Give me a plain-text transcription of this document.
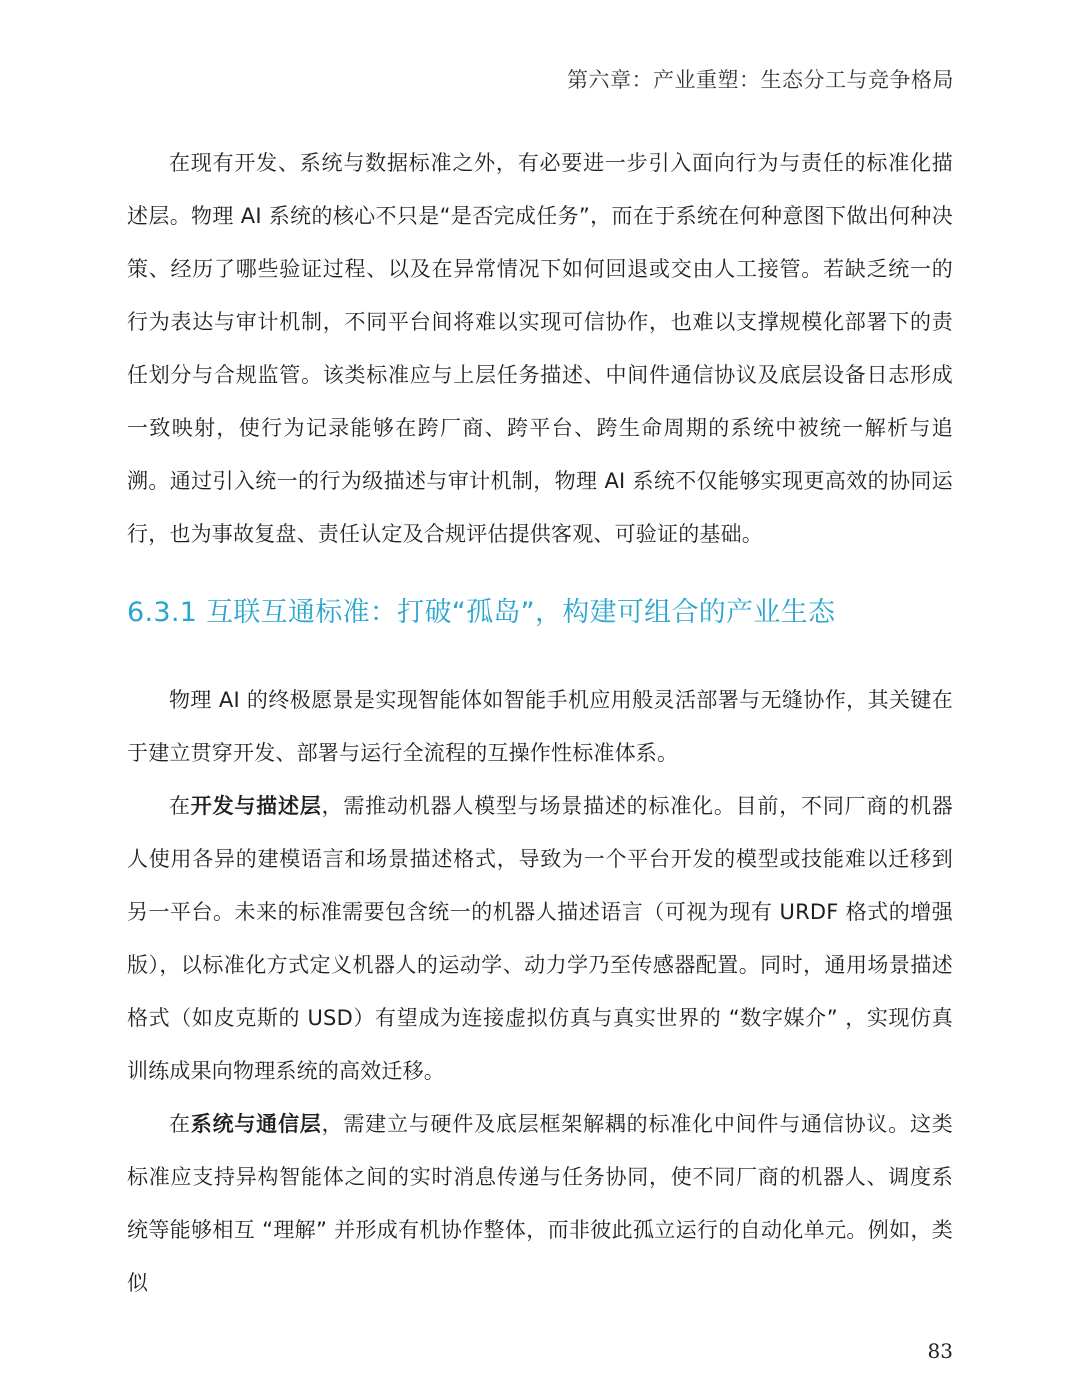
第六章：产业重塑：生态分工与竞争格局

在现有开发、系统与数据标准之外，有必要进一步引入面向行为与责任的标准化描述层。物理 AI 系统的核心不只是“是否完成任务”，而在于系统在何种意图下做出何种决策、经历了哪些验证过程、以及在异常情况下如何回退或交由人工接管。若缺乏统一的行为表达与审计机制，不同平台间将难以实现可信协作，也难以支撑规模化部署下的责任划分与合规监管。该类标准应与上层任务描述、中间件通信协议及底层设备日志形成一致映射，使行为记录能够在跨厂商、跨平台、跨生命周期的系统中被统一解析与追溯。通过引入统一的行为级描述与审计机制，物理 AI 系统不仅能够实现更高效的协同运行，也为事故复盘、责任认定及合规评估提供客观、可验证的基础。

6.3.1 互联互通标准：打破“孤岛”，构建可组合的产业生态

物理 AI 的终极愿景是实现智能体如智能手机应用般灵活部署与无缝协作，其关键在于建立贯穿开发、部署与运行全流程的互操作性标准体系。

在开发与描述层，需推动机器人模型与场景描述的标准化。目前，不同厂商的机器人使用各异的建模语言和场景描述格式，导致为一个平台开发的模型或技能难以迁移到另一平台。未来的标准需要包含统一的机器人描述语言（可视为现有 URDF 格式的增强版），以标准化方式定义机器人的运动学、动力学乃至传感器配置。同时，通用场景描述格式（如皮克斯的 USD）有望成为连接虚拟仿真与真实世界的 “数字媒介” ，实现仿真训练成果向物理系统的高效迁移。

在系统与通信层，需建立与硬件及底层框架解耦的标准化中间件与通信协议。这类标准应支持异构智能体之间的实时消息传递与任务协同，使不同厂商的机器人、调度系统等能够相互 “理解” 并形成有机协作整体，而非彼此孤立运行的自动化单元。例如，类似

83
